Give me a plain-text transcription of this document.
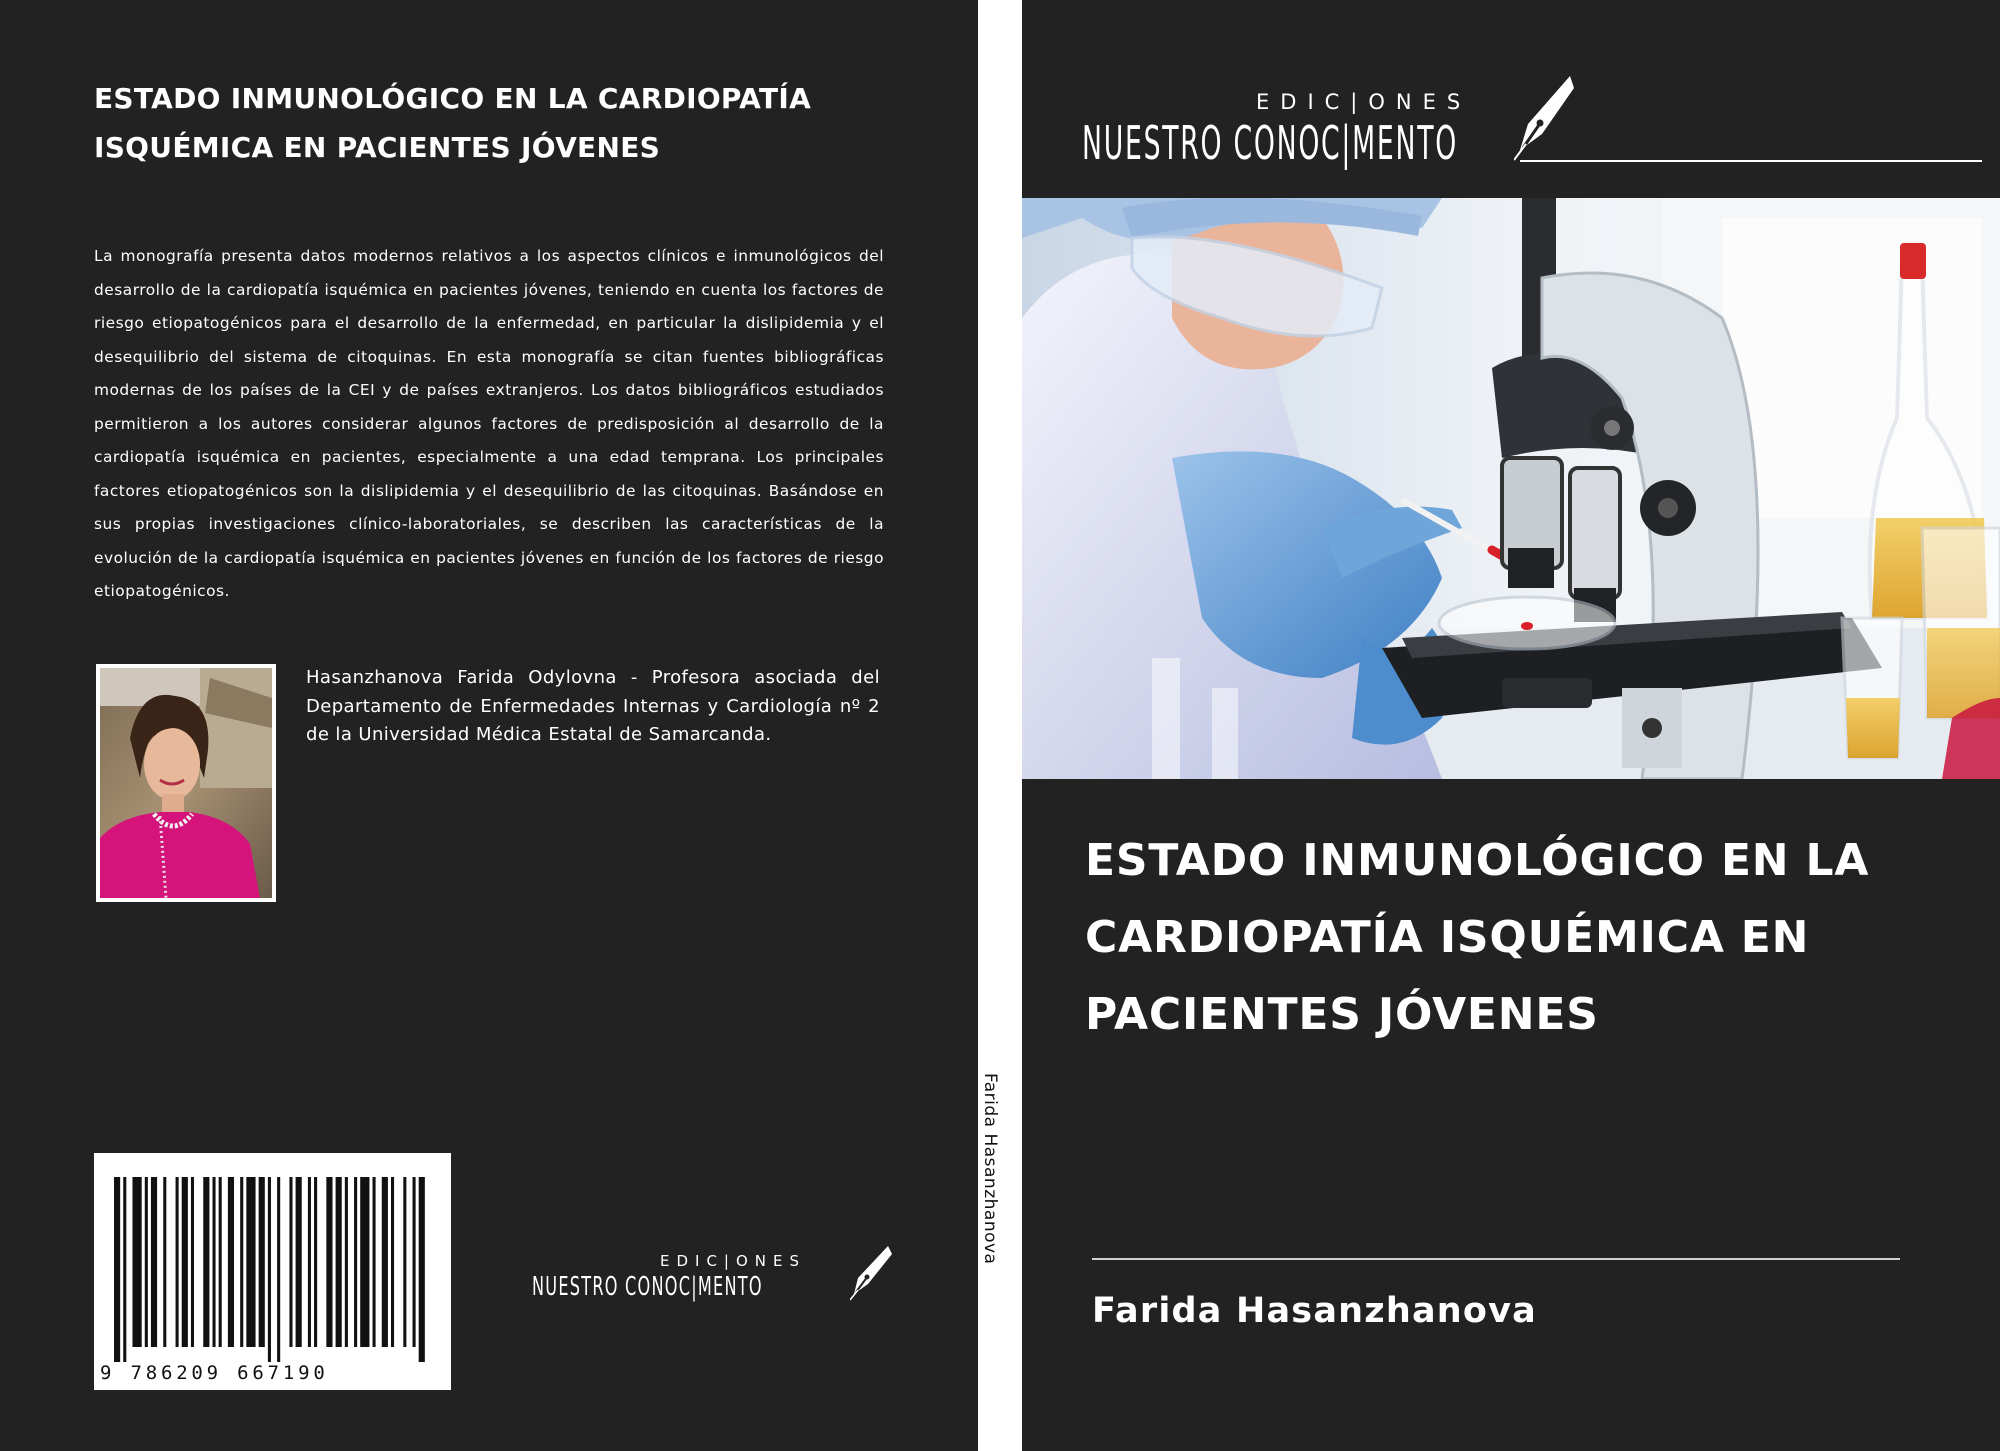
ESTADO INMUNOLÓGICO EN LA CARDIOPATÍA ISQUÉMICA EN PACIENTES JÓVENES

La monografía presenta datos modernos relativos a los aspectos clínicos e inmunológicos del desarrollo de la cardiopatía isquémica en pacientes jóvenes, teniendo en cuenta los factores de riesgo etiopatogénicos para el desarrollo de la enfermedad, en particular la dislipidemia y el desequilibrio del sistema de citoquinas. En esta monografía se citan fuentes bibliográficas modernas de los países de la CEI y de países extranjeros. Los datos bibliográficos estudiados permitieron a los autores considerar algunos factores de predisposición al desarrollo de la cardiopatía isquémica en pacientes, especialmente a una edad temprana. Los principales factores etiopatogénicos son la dislipidemia y el desequilibrio de las citoquinas. Basándose en sus propias investigaciones clínico-laboratoriales, se describen las características de la evolución de la cardiopatía isquémica en pacientes jóvenes en función de los factores de riesgo etiopatogénicos.

Hasanzhanova Farida Odylovna - Profesora asociada del Departamento de Enfermedades Internas y Cardiología nº 2 de la Universidad Médica Estatal de Samarcanda.

9 786209 667190
EDIC|ONES
NUESTRO CONOC|MENTO
Farida Hasanzhanova
EDIC|ONES
NUESTRO CONOC|MENTO
ESTADO INMUNOLÓGICO EN LA CARDIOPATÍA ISQUÉMICA EN PACIENTES JÓVENES
Farida Hasanzhanova
